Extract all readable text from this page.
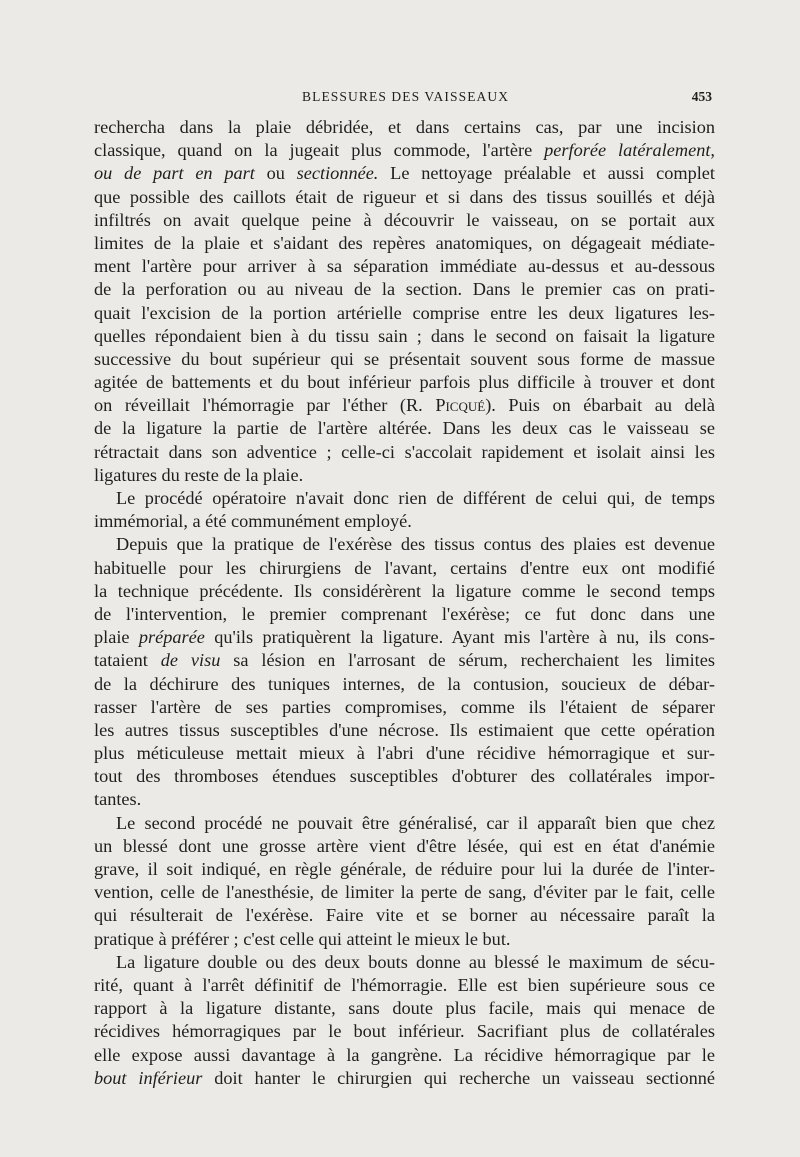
BLESSURES DES VAISSEAUX	453
recherchа dans la plaie débridée, et dans certains cas, par une incision
classique, quand on la jugeait plus commode, l'artère perforée latéralement,
ou de part en part ou sectionnée. Le nettoyage préalable et aussi complet
que possible des caillots était de rigueur et si dans des tissus souillés et déjà
infiltrés on avait quelque peine à découvrir le vaisseau, on se portait aux
limites de la plaie et s'aidant des repères anatomiques, on dégageait médiate-
ment l'artère pour arriver à sa séparation immédiate au-dessus et au-dessous
de la perforation ou au niveau de la section. Dans le premier cas on prati-
quait l'excision de la portion artérielle comprise entre les deux ligatures les-
quelles répondaient bien à du tissu sain ; dans le second on faisait la ligature
successive du bout supérieur qui se présentait souvent sous forme de massue
agitée de battements et du bout inférieur parfois plus difficile à trouver et dont
on réveillait l'hémorragie par l'éther (R. Picqué). Puis on ébarbait au delà
de la ligature la partie de l'artère altérée. Dans les deux cas le vaisseau se
rétractait dans son adventice ; celle-ci s'accolait rapidement et isolait ainsi les
ligatures du reste de la plaie.
Le procédé opératoire n'avait donc rien de différent de celui qui, de temps
immémorial, a été communément employé.
Depuis que la pratique de l'exérèse des tissus contus des plaies est devenue
habituelle pour les chirurgiens de l'avant, certains d'entre eux ont modifié
la technique précédente. Ils considérèrent la ligature comme le second temps
de l'intervention, le premier comprenant l'exérèse; ce fut donc dans une
plaie préparée qu'ils pratiquèrent la ligature. Ayant mis l'artère à nu, ils cons-
tataient de visu sa lésion en l'arrosant de sérum, recherchaient les limites
de la déchirure des tuniques internes, de la contusion, soucieux de débar-
rasser l'artère de ses parties compromises, comme ils l'étaient de séparer
les autres tissus susceptibles d'une nécrose. Ils estimaient que cette opération
plus méticuleuse mettait mieux à l'abri d'une récidive hémorragique et sur-
tout des thromboses étendues susceptibles d'obturer des collatérales impor-
tantes.
Le second procédé ne pouvait être généralisé, car il apparaît bien que chez
un blessé dont une grosse artère vient d'être lésée, qui est en état d'anémie
grave, il soit indiqué, en règle générale, de réduire pour lui la durée de l'inter-
vention, celle de l'anesthésie, de limiter la perte de sang, d'éviter par le fait, celle
qui résulterait de l'exérèse. Faire vite et se borner au nécessaire paraît la
pratique à préférer ; c'est celle qui atteint le mieux le but.
La ligature double ou des deux bouts donne au blessé le maximum de sécu-
rité, quant à l'arrêt définitif de l'hémorragie. Elle est bien supérieure sous ce
rapport à la ligature distante, sans doute plus facile, mais qui menace de
récidives hémorragiques par le bout inférieur. Sacrifiant plus de collatérales
elle expose aussi davantage à la gangrène. La récidive hémorragique par le
bout inférieur doit hanter le chirurgien qui recherche un vaisseau sectionné
